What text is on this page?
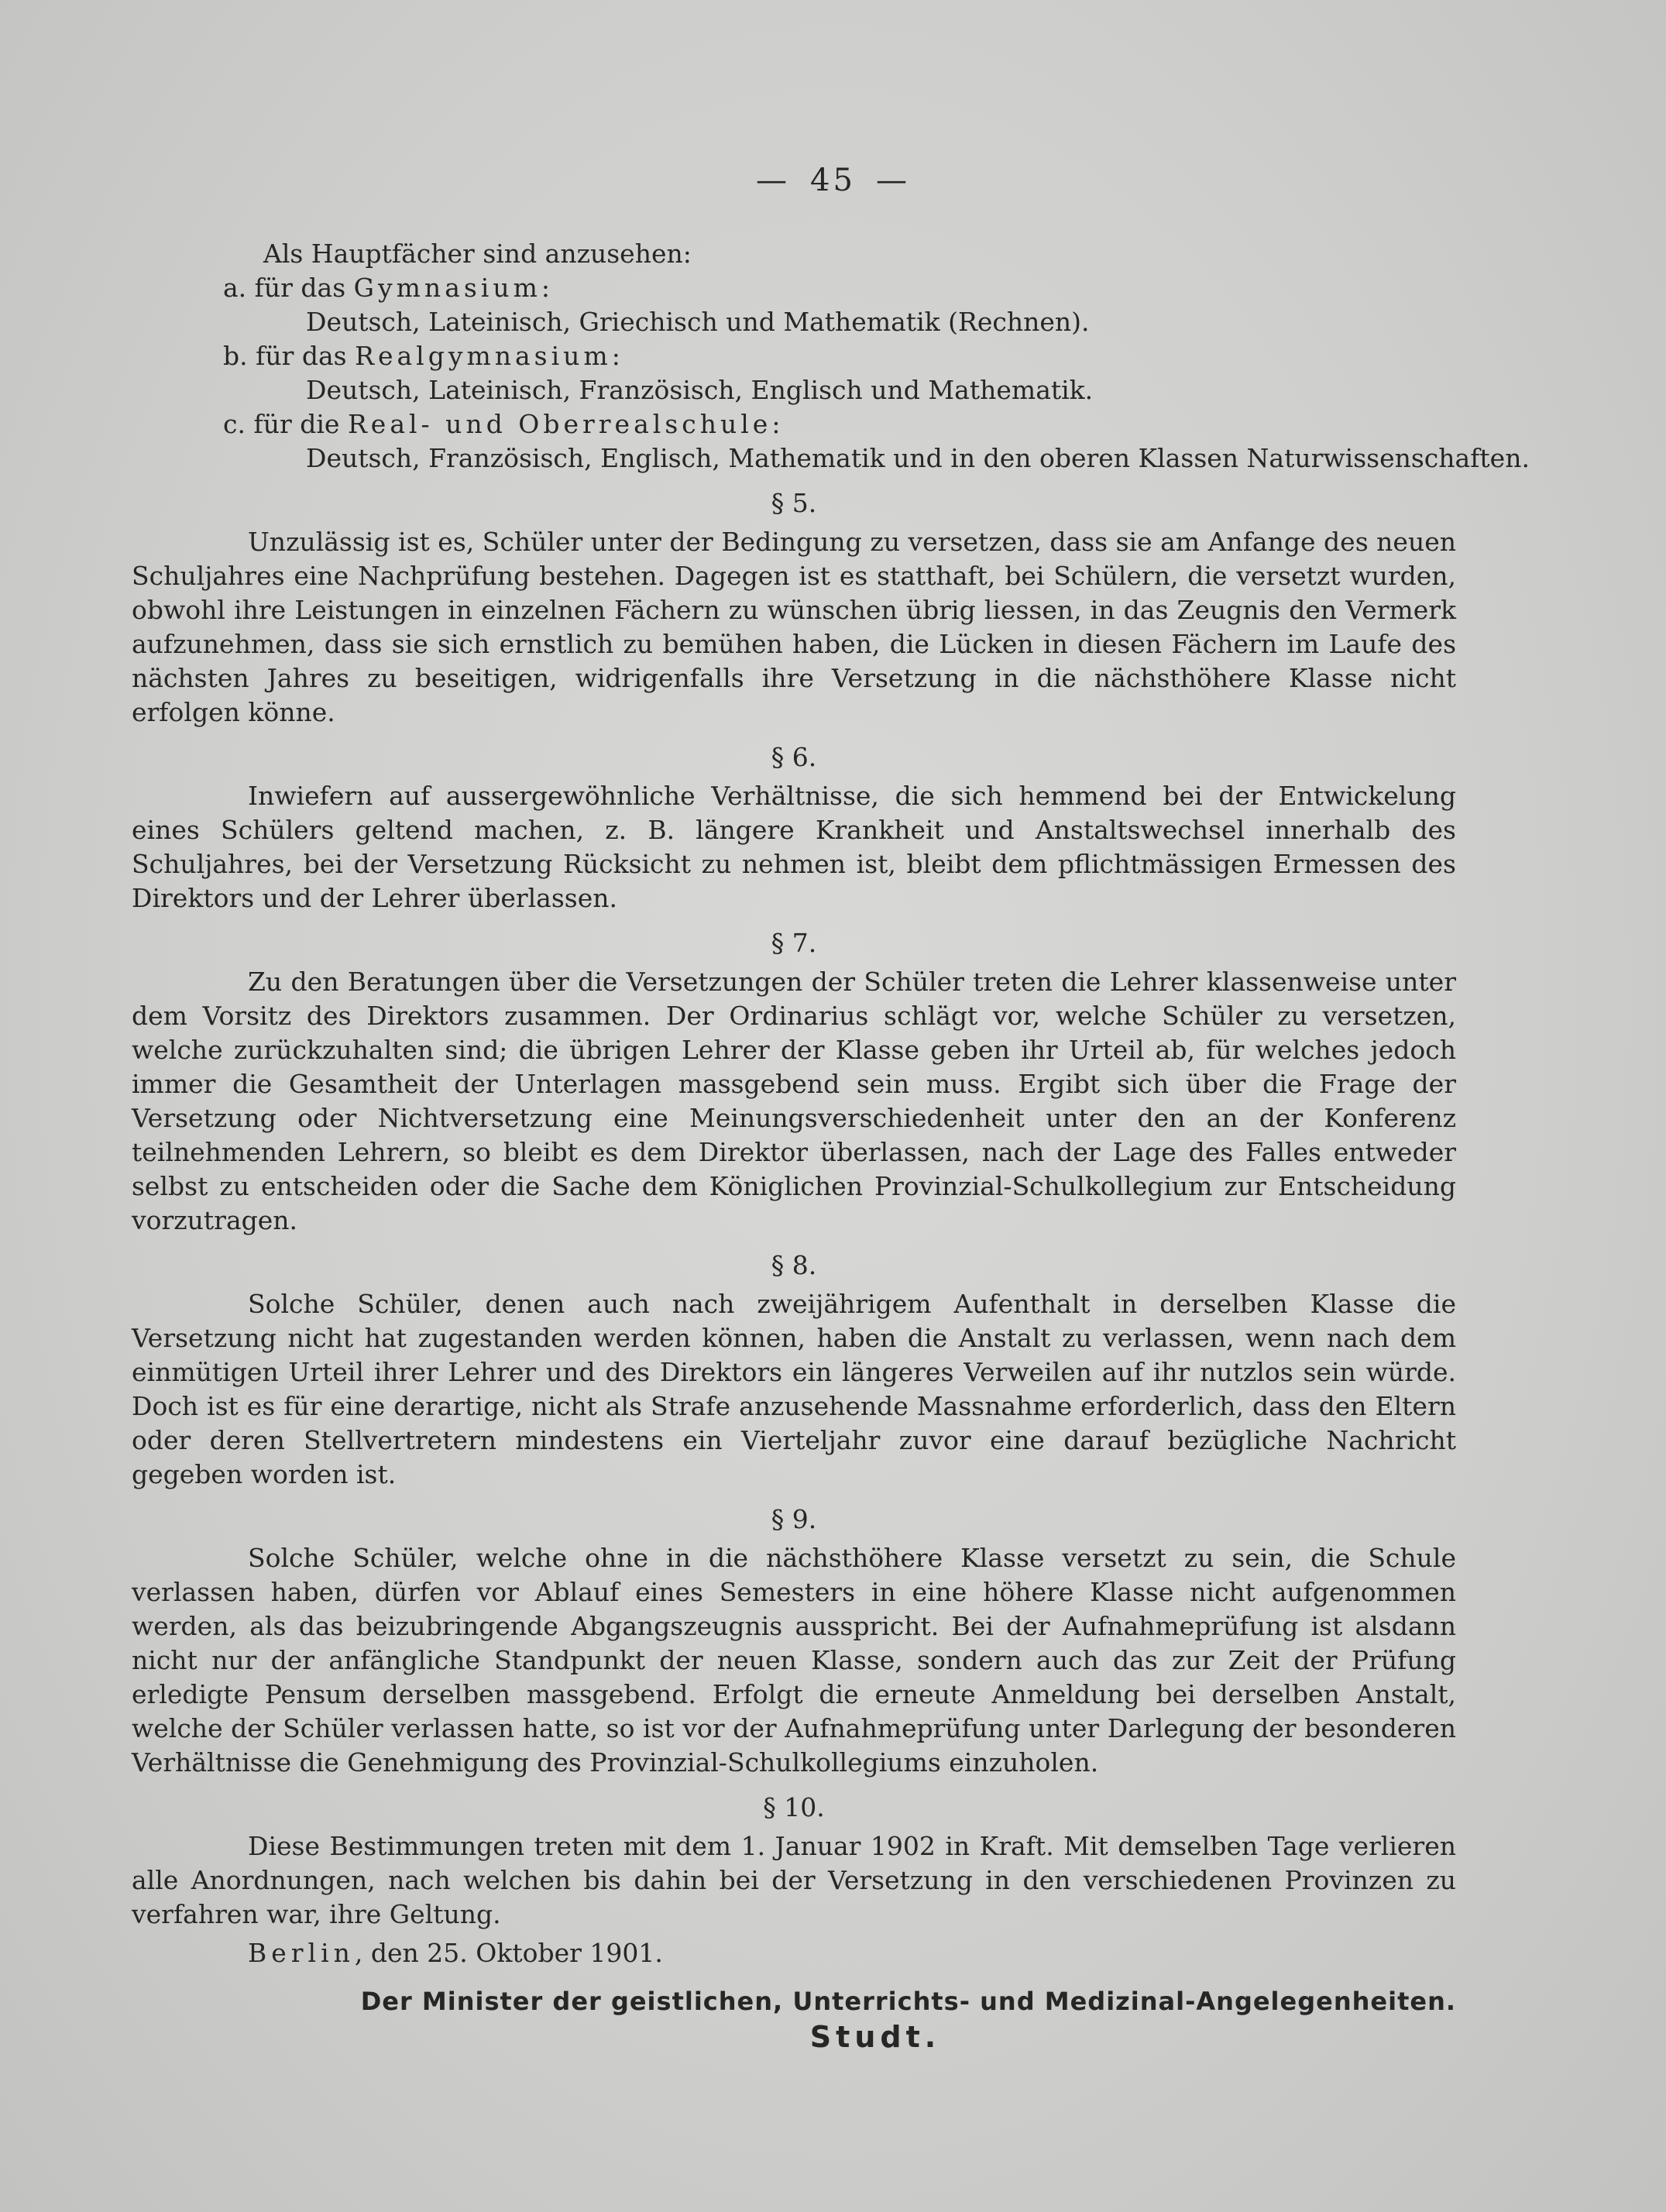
— 45 —
Als Hauptfächer sind anzusehen:
a. für das Gymnasium:
Deutsch, Lateinisch, Griechisch und Mathematik (Rechnen).
b. für das Realgymnasium:
Deutsch, Lateinisch, Französisch, Englisch und Mathematik.
c. für die Real- und Oberrealschule:
Deutsch, Französisch, Englisch, Mathematik und in den oberen Klassen Naturwissenschaften.
§ 5.
Unzulässig ist es, Schüler unter der Bedingung zu versetzen, dass sie am Anfange des neuen Schuljahres eine Nachprüfung bestehen. Dagegen ist es statthaft, bei Schülern, die versetzt wurden, obwohl ihre Leistungen in einzelnen Fächern zu wünschen übrig liessen, in das Zeugnis den Vermerk aufzunehmen, dass sie sich ernstlich zu bemühen haben, die Lücken in diesen Fächern im Laufe des nächsten Jahres zu beseitigen, widrigenfalls ihre Versetzung in die nächsthöhere Klasse nicht erfolgen könne.
§ 6.
Inwiefern auf aussergewöhnliche Verhältnisse, die sich hemmend bei der Entwickelung eines Schülers geltend machen, z. B. längere Krankheit und Anstaltswechsel innerhalb des Schuljahres, bei der Versetzung Rücksicht zu nehmen ist, bleibt dem pflichtmässigen Ermessen des Direktors und der Lehrer überlassen.
§ 7.
Zu den Beratungen über die Versetzungen der Schüler treten die Lehrer klassenweise unter dem Vorsitz des Direktors zusammen. Der Ordinarius schlägt vor, welche Schüler zu versetzen, welche zurückzuhalten sind; die übrigen Lehrer der Klasse geben ihr Urteil ab, für welches jedoch immer die Gesamtheit der Unterlagen massgebend sein muss. Ergibt sich über die Frage der Versetzung oder Nichtversetzung eine Meinungsverschiedenheit unter den an der Konferenz teilnehmenden Lehrern, so bleibt es dem Direktor überlassen, nach der Lage des Falles entweder selbst zu entscheiden oder die Sache dem Königlichen Provinzial-Schulkollegium zur Entscheidung vorzutragen.
§ 8.
Solche Schüler, denen auch nach zweijährigem Aufenthalt in derselben Klasse die Versetzung nicht hat zugestanden werden können, haben die Anstalt zu verlassen, wenn nach dem einmütigen Urteil ihrer Lehrer und des Direktors ein längeres Verweilen auf ihr nutzlos sein würde. Doch ist es für eine derartige, nicht als Strafe anzusehende Massnahme erforderlich, dass den Eltern oder deren Stellvertretern mindestens ein Vierteljahr zuvor eine darauf bezügliche Nachricht gegeben worden ist.
§ 9.
Solche Schüler, welche ohne in die nächsthöhere Klasse versetzt zu sein, die Schule verlassen haben, dürfen vor Ablauf eines Semesters in eine höhere Klasse nicht aufgenommen werden, als das beizubringende Abgangszeugnis ausspricht. Bei der Aufnahmeprüfung ist alsdann nicht nur der anfängliche Standpunkt der neuen Klasse, sondern auch das zur Zeit der Prüfung erledigte Pensum derselben massgebend. Erfolgt die erneute Anmeldung bei derselben Anstalt, welche der Schüler verlassen hatte, so ist vor der Aufnahmeprüfung unter Darlegung der besonderen Verhältnisse die Genehmigung des Provinzial-Schulkollegiums einzuholen.
§ 10.
Diese Bestimmungen treten mit dem 1. Januar 1902 in Kraft. Mit demselben Tage verlieren alle Anordnungen, nach welchen bis dahin bei der Versetzung in den verschiedenen Provinzen zu verfahren war, ihre Geltung.
Berlin, den 25. Oktober 1901.
Der Minister der geistlichen, Unterrichts- und Medizinal-Angelegenheiten.
Studt.
